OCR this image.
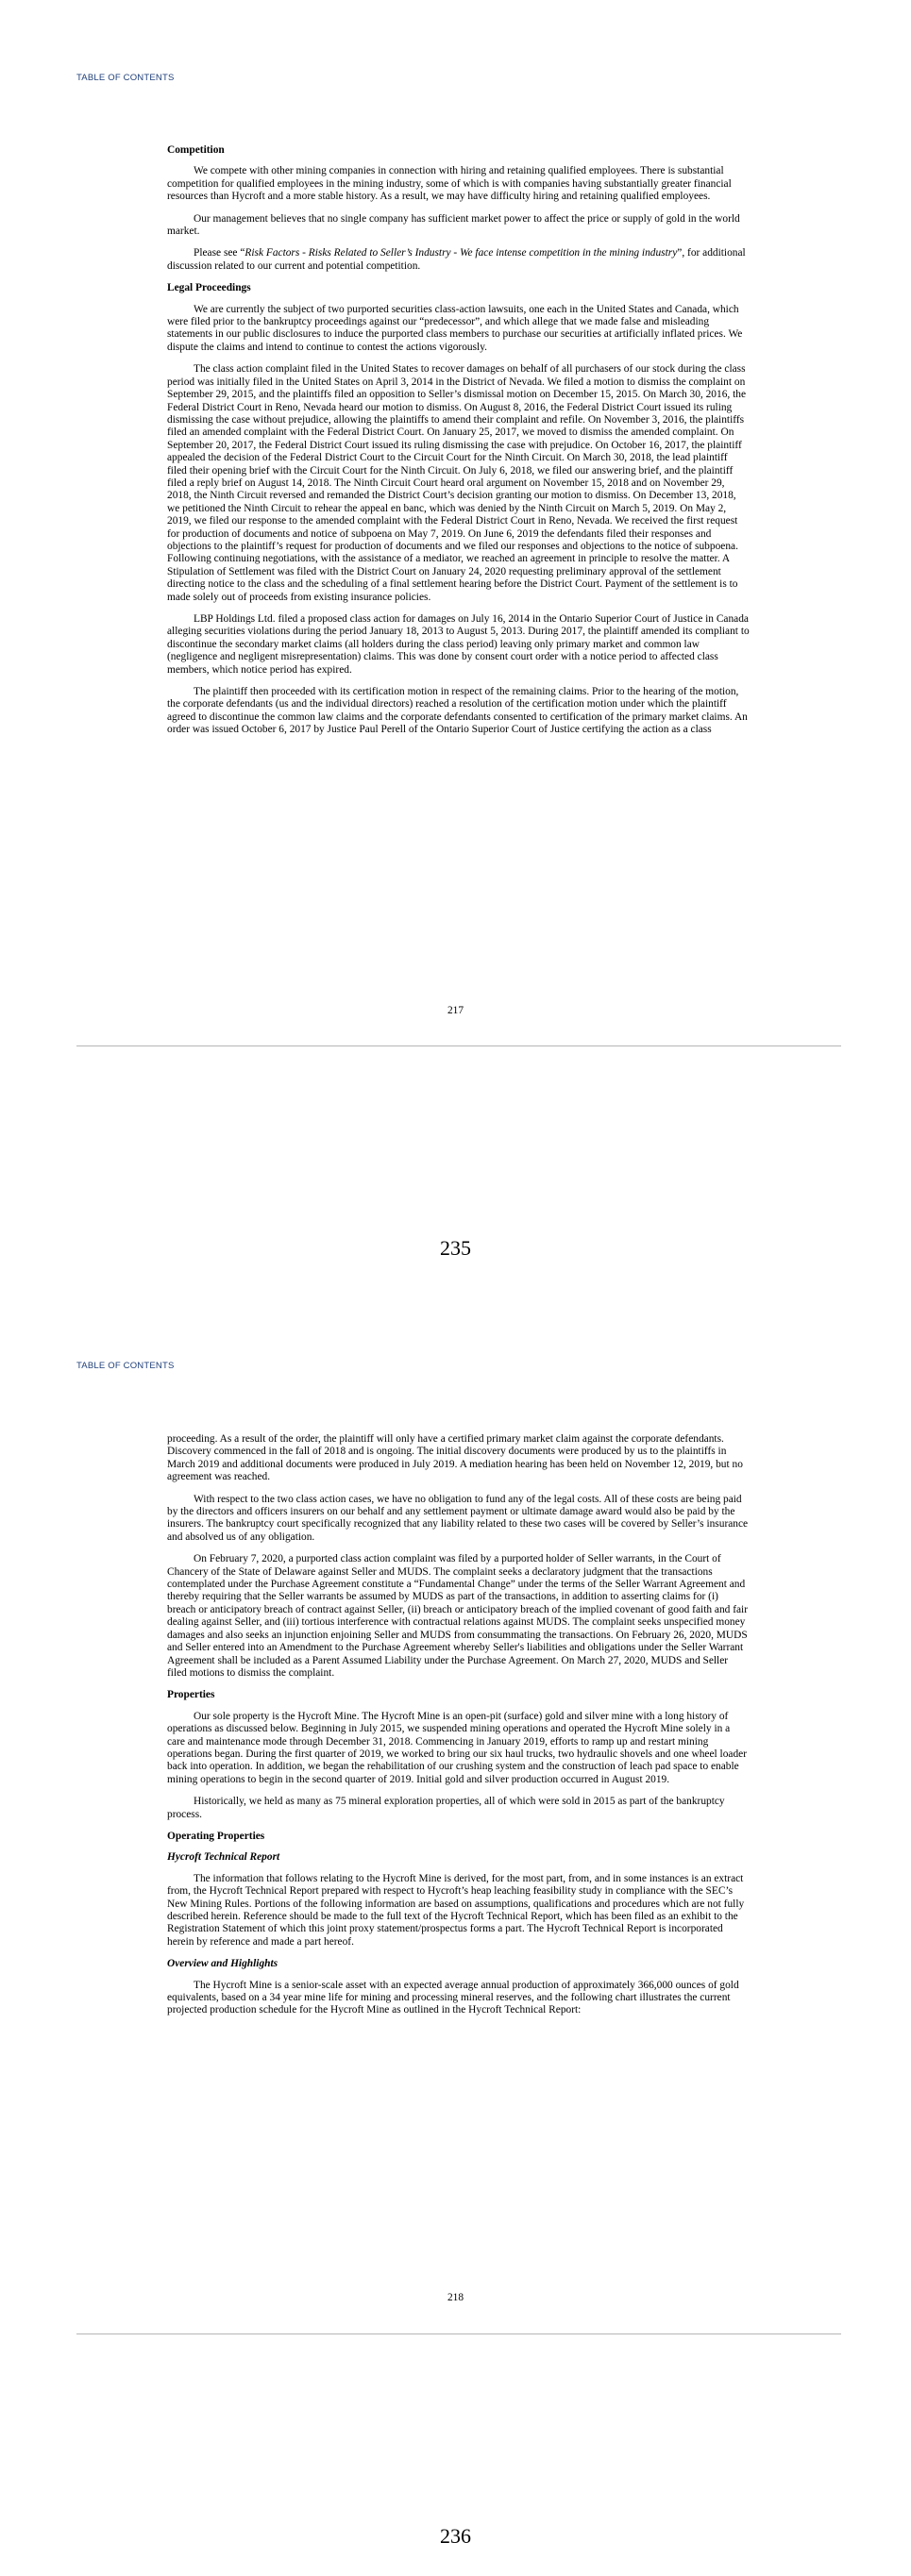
TABLE OF CONTENTS
Competition

We compete with other mining companies in connection with hiring and retaining qualified employees. There is substantial competition for qualified employees in the mining industry, some of which is with companies having substantially greater financial resources than Hycroft and a more stable history. As a result, we may have difficulty hiring and retaining qualified employees.

Our management believes that no single company has sufficient market power to affect the price or supply of gold in the world market.

Please see “Risk Factors - Risks Related to Seller’s Industry - We face intense competition in the mining industry”, for additional discussion related to our current and potential competition.

Legal Proceedings

We are currently the subject of two purported securities class-action lawsuits, one each in the United States and Canada, which were filed prior to the bankruptcy proceedings against our “predecessor”, and which allege that we made false and misleading statements in our public disclosures to induce the purported class members to purchase our securities at artificially inflated prices. We dispute the claims and intend to continue to contest the actions vigorously.

The class action complaint filed in the United States to recover damages on behalf of all purchasers of our stock during the class period was initially filed in the United States on April 3, 2014 in the District of Nevada. We filed a motion to dismiss the complaint on September 29, 2015, and the plaintiffs filed an opposition to Seller’s dismissal motion on December 15, 2015. On March 30, 2016, the Federal District Court in Reno, Nevada heard our motion to dismiss. On August 8, 2016, the Federal District Court issued its ruling dismissing the case without prejudice, allowing the plaintiffs to amend their complaint and refile. On November 3, 2016, the plaintiffs filed an amended complaint with the Federal District Court. On January 25, 2017, we moved to dismiss the amended complaint. On September 20, 2017, the Federal District Court issued its ruling dismissing the case with prejudice. On October 16, 2017, the plaintiff appealed the decision of the Federal District Court to the Circuit Court for the Ninth Circuit. On March 30, 2018, the lead plaintiff filed their opening brief with the Circuit Court for the Ninth Circuit. On July 6, 2018, we filed our answering brief, and the plaintiff filed a reply brief on August 14, 2018. The Ninth Circuit Court heard oral argument on November 15, 2018 and on November 29, 2018, the Ninth Circuit reversed and remanded the District Court’s decision granting our motion to dismiss. On December 13, 2018, we petitioned the Ninth Circuit to rehear the appeal en banc, which was denied by the Ninth Circuit on March 5, 2019. On May 2, 2019, we filed our response to the amended complaint with the Federal District Court in Reno, Nevada. We received the first request for production of documents and notice of subpoena on May 7, 2019. On June 6, 2019 the defendants filed their responses and objections to the plaintiff’s request for production of documents and we filed our responses and objections to the notice of subpoena. Following continuing negotiations, with the assistance of a mediator, we reached an agreement in principle to resolve the matter. A Stipulation of Settlement was filed with the District Court on January 24, 2020 requesting preliminary approval of the settlement directing notice to the class and the scheduling of a final settlement hearing before the District Court. Payment of the settlement is to made solely out of proceeds from existing insurance policies.

LBP Holdings Ltd. filed a proposed class action for damages on July 16, 2014 in the Ontario Superior Court of Justice in Canada alleging securities violations during the period January 18, 2013 to August 5, 2013. During 2017, the plaintiff amended its compliant to discontinue the secondary market claims (all holders during the class period) leaving only primary market and common law (negligence and negligent misrepresentation) claims. This was done by consent court order with a notice period to affected class members, which notice period has expired.

The plaintiff then proceeded with its certification motion in respect of the remaining claims. Prior to the hearing of the motion, the corporate defendants (us and the individual directors) reached a resolution of the certification motion under which the plaintiff agreed to discontinue the common law claims and the corporate defendants consented to certification of the primary market claims. An order was issued October 6, 2017 by Justice Paul Perell of the Ontario Superior Court of Justice certifying the action as a class

217
235
TABLE OF CONTENTS

proceeding. As a result of the order, the plaintiff will only have a certified primary market claim against the corporate defendants. Discovery commenced in the fall of 2018 and is ongoing. The initial discovery documents were produced by us to the plaintiffs in March 2019 and additional documents were produced in July 2019. A mediation hearing has been held on November 12, 2019, but no agreement was reached.

With respect to the two class action cases, we have no obligation to fund any of the legal costs. All of these costs are being paid by the directors and officers insurers on our behalf and any settlement payment or ultimate damage award would also be paid by the insurers. The bankruptcy court specifically recognized that any liability related to these two cases will be covered by Seller’s insurance and absolved us of any obligation.

On February 7, 2020, a purported class action complaint was filed by a purported holder of Seller warrants, in the Court of Chancery of the State of Delaware against Seller and MUDS. The complaint seeks a declaratory judgment that the transactions contemplated under the Purchase Agreement constitute a “Fundamental Change” under the terms of the Seller Warrant Agreement and thereby requiring that the Seller warrants be assumed by MUDS as part of the transactions, in addition to asserting claims for (i) breach or anticipatory breach of contract against Seller, (ii) breach or anticipatory breach of the implied covenant of good faith and fair dealing against Seller, and (iii) tortious interference with contractual relations against MUDS. The complaint seeks unspecified money damages and also seeks an injunction enjoining Seller and MUDS from consummating the transactions. On February 26, 2020, MUDS and Seller entered into an Amendment to the Purchase Agreement whereby Seller's liabilities and obligations under the Seller Warrant Agreement shall be included as a Parent Assumed Liability under the Purchase Agreement. On March 27, 2020, MUDS and Seller filed motions to dismiss the complaint.

Properties

Our sole property is the Hycroft Mine. The Hycroft Mine is an open-pit (surface) gold and silver mine with a long history of operations as discussed below. Beginning in July 2015, we suspended mining operations and operated the Hycroft Mine solely in a care and maintenance mode through December 31, 2018. Commencing in January 2019, efforts to ramp up and restart mining operations began. During the first quarter of 2019, we worked to bring our six haul trucks, two hydraulic shovels and one wheel loader back into operation. In addition, we began the rehabilitation of our crushing system and the construction of leach pad space to enable mining operations to begin in the second quarter of 2019. Initial gold and silver production occurred in August 2019.

Historically, we held as many as 75 mineral exploration properties, all of which were sold in 2015 as part of the bankruptcy process.

Operating Properties
Hycroft Technical Report

The information that follows relating to the Hycroft Mine is derived, for the most part, from, and in some instances is an extract from, the Hycroft Technical Report prepared with respect to Hycroft’s heap leaching feasibility study in compliance with the SEC’s New Mining Rules. Portions of the following information are based on assumptions, qualifications and procedures which are not fully described herein. Reference should be made to the full text of the Hycroft Technical Report, which has been filed as an exhibit to the Registration Statement of which this joint proxy statement/prospectus forms a part. The Hycroft Technical Report is incorporated herein by reference and made a part hereof.

Overview and Highlights

The Hycroft Mine is a senior-scale asset with an expected average annual production of approximately 366,000 ounces of gold equivalents, based on a 34 year mine life for mining and processing mineral reserves, and the following chart illustrates the current projected production schedule for the Hycroft Mine as outlined in the Hycroft Technical Report:

218
236
